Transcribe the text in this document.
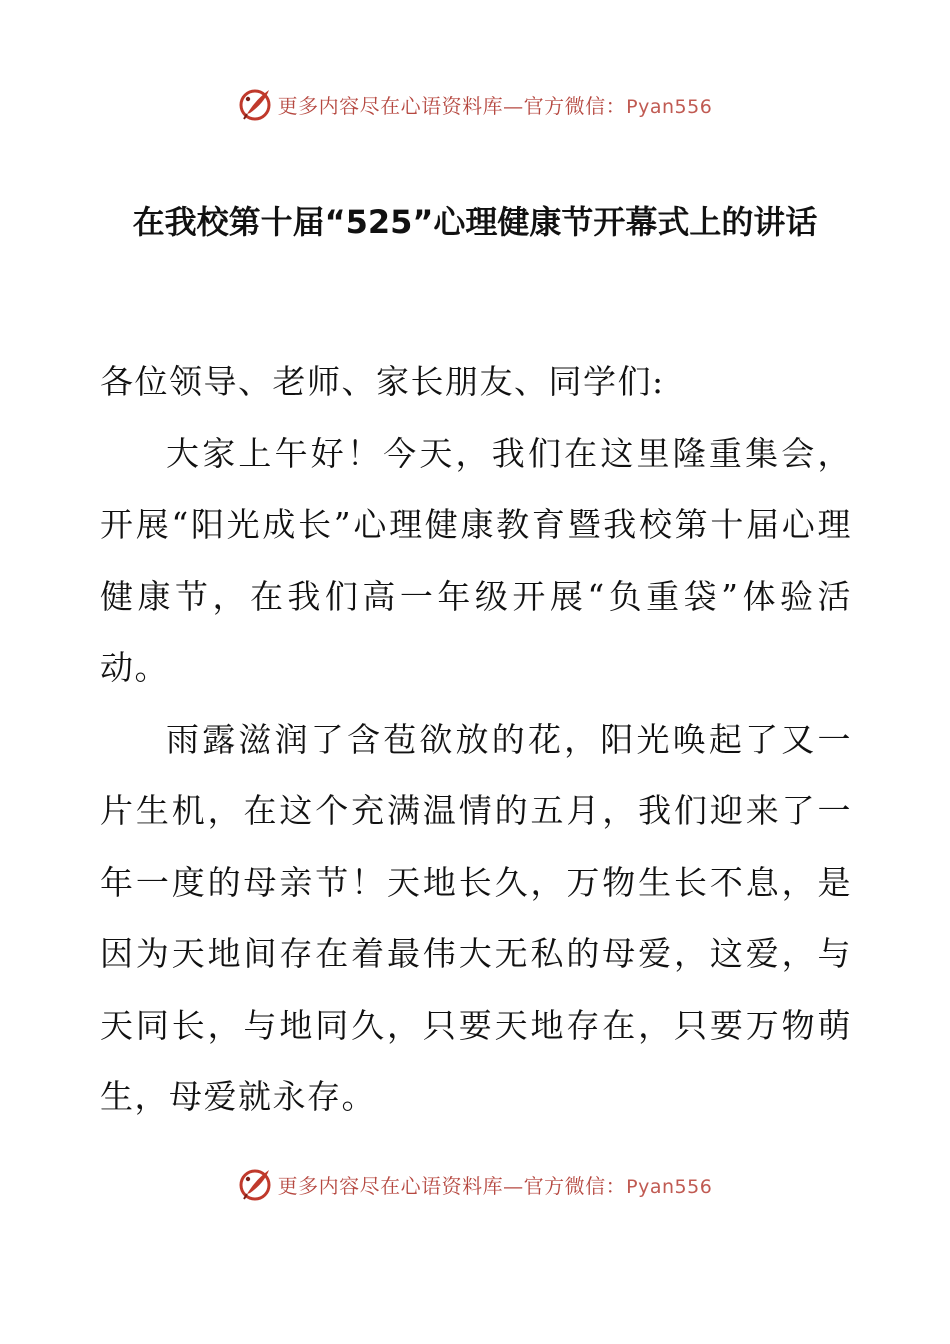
更多内容尽在心语资料库—官方微信：Pyan556
在我校第十届“525”心理健康节开幕式上的讲话

各位领导、老师、家长朋友、同学们:

大家上午好！今天，我们在这里隆重集会，开展“阳光成长”心理健康教育暨我校第十届心理健康节，在我们高一年级开展“负重袋”体验活动。

雨露滋润了含苞欲放的花，阳光唤起了又一片生机，在这个充满温情的五月，我们迎来了一年一度的母亲节！天地长久，万物生长不息，是因为天地间存在着最伟大无私的母爱，这爱，与天同长，与地同久，只要天地存在，只要万物萌生，母爱就永存。

更多内容尽在心语资料库—官方微信：Pyan556
